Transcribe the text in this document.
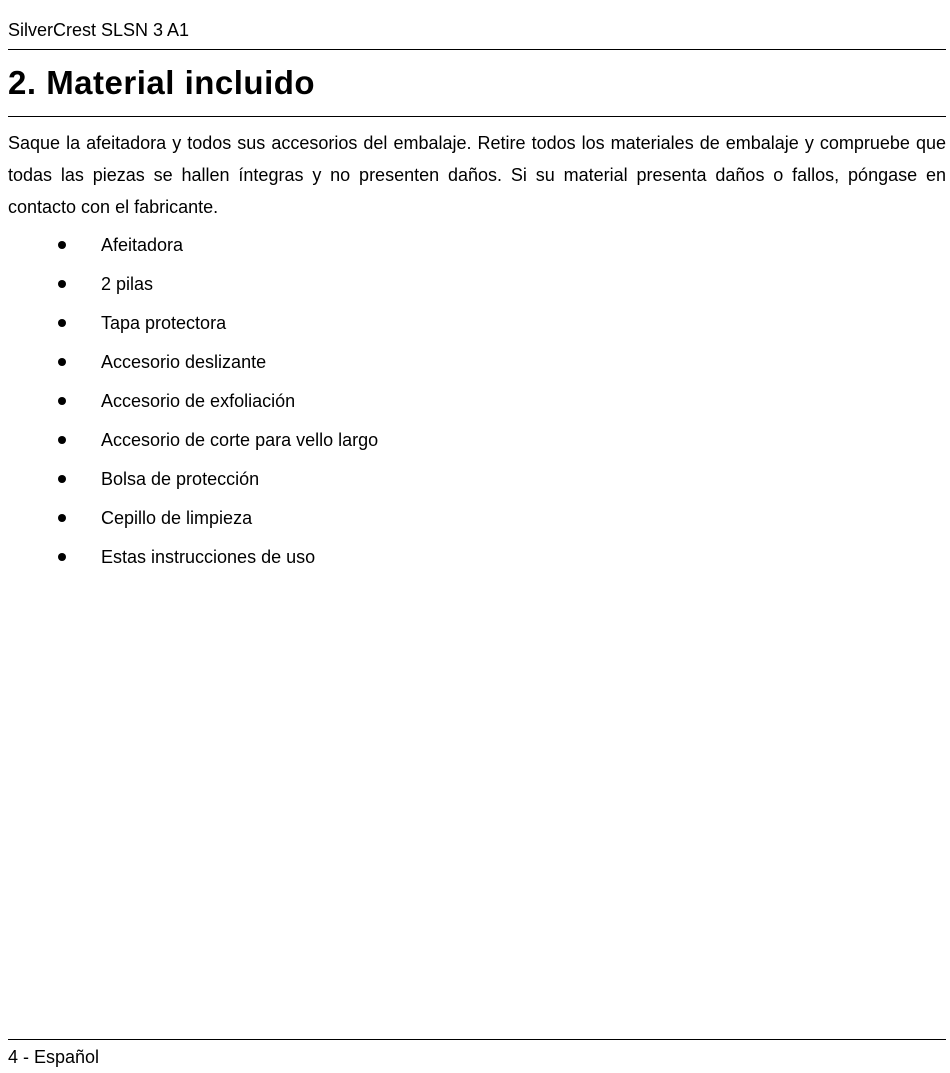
SilverCrest SLSN 3 A1
2. Material incluido

Saque la afeitadora y todos sus accesorios del embalaje. Retire todos los materiales de embalaje y compruebe que todas las piezas se hallen íntegras y no presenten daños. Si su material presenta daños o fallos, póngase en contacto con el fabricante.

Afeitadora
2 pilas
Tapa protectora
Accesorio deslizante
Accesorio de exfoliación
Accesorio de corte para vello largo
Bolsa de protección
Cepillo de limpieza
Estas instrucciones de uso
4 - Español
